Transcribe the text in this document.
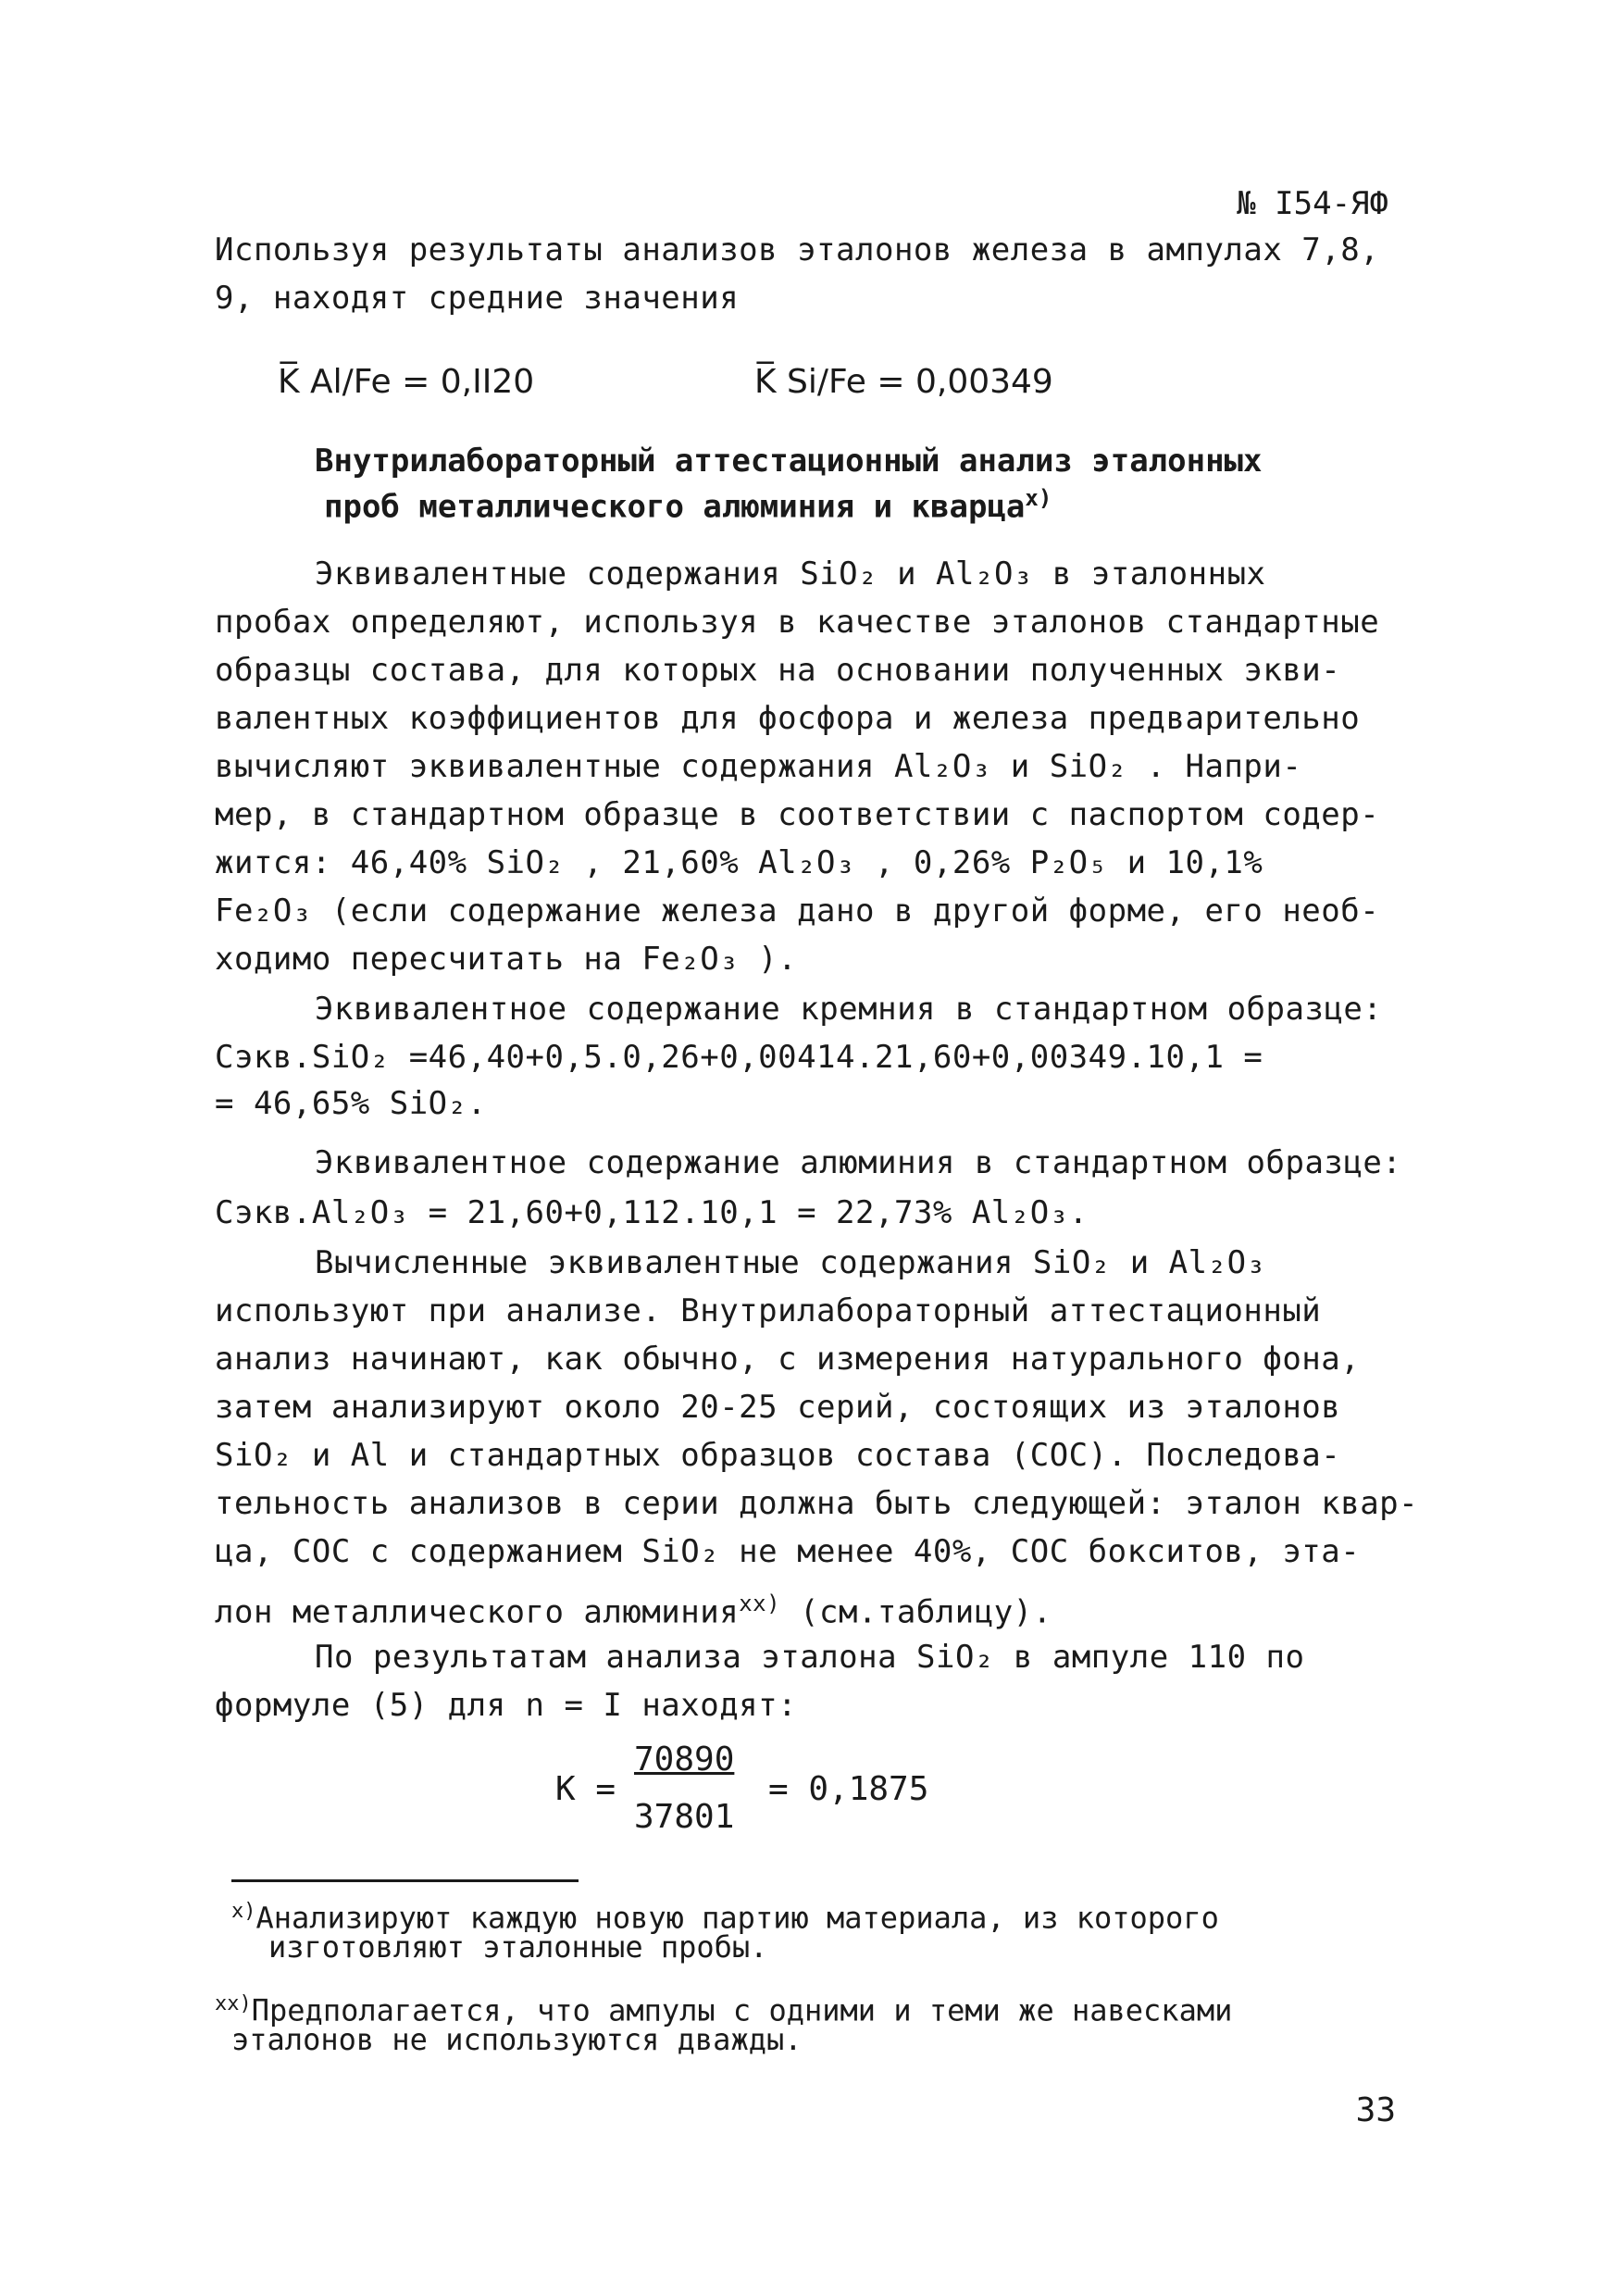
№ I54-ЯФ
Используя результаты анализов эталонов железа в ампулах 7,8,
9, находят средние значения
K̅ Al/Fe = 0,II20	K̅ Si/Fe = 0,00349
Внутрилабораторный аттестационный анализ эталонных
проб металлического алюминия и кварца$^{x)}$
Эквивалентные содержания SiO₂ и Al₂O₃ в эталонных
пробах определяют, используя в качестве эталонов стандартные
образцы состава, для которых на основании полученных экви-
валентных коэффициентов для фосфора и железа предварительно
вычисляют эквивалентные содержания Al₂O₃ и SiO₂ . Напри-
мер, в стандартном образце в соответствии с паспортом содер-
жится: 46,40% SiO₂ , 21,60% Al₂O₃ , 0,26% P₂O₅ и 10,1%
Fe₂O₃ (если содержание железа дано в другой форме, его необ-
ходимо пересчитать на Fe₂O₃ ).
Эквивалентное содержание кремния в стандартном образце:
Cэкв.SiO₂ =46,40+0,5.0,26+0,00414.21,60+0,00349.10,1 =
= 46,65% SiO₂.
Эквивалентное содержание алюминия в стандартном образце:
Cэкв.Al₂O₃ = 21,60+0,112.10,1 = 22,73% Al₂O₃.
Вычисленные эквивалентные содержания SiO₂ и Al₂O₃
используют при анализе. Внутрилабораторный аттестационный
анализ начинают, как обычно, с измерения натурального фона,
затем анализируют около 20-25 серий, состоящих из эталонов
SiO₂ и Al и стандартных образцов состава (СОС). Последова-
тельность анализов в серии должна быть следующей: эталон квар-
ца, СОС с содержанием SiO₂ не менее 40%, СОС бокситов, эта-
лон металлического алюминия$^{xx)}$ (см.таблицу).
По результатам анализа эталона SiO₂ в ампуле 110 по
формуле (5) для n = I находят:
K =
70890
37801
= 0,1875
$^{x)}$Анализируют каждую новую партию материала, из которого
изготовляют эталонные пробы.
$^{xx)}$Предполагается, что ампулы с одними и теми же навесками
эталонов не используются дважды.
33
